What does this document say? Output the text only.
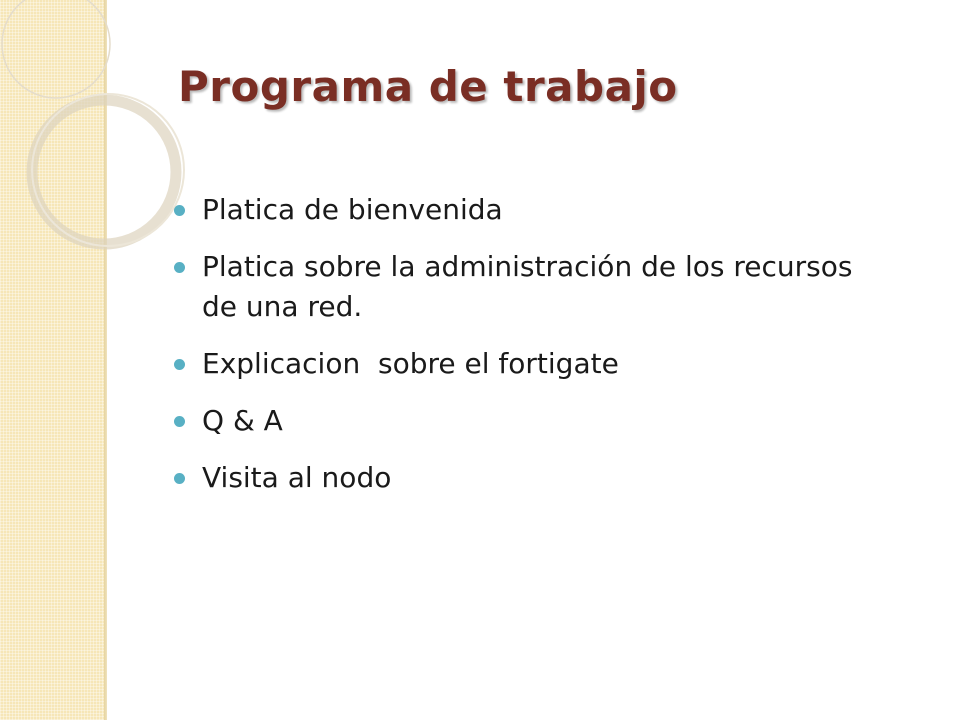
Programa de trabajo
Platica de bienvenida
Platica sobre la administración de los recursos de una red.
Explicacion  sobre el fortigate
Q & A
Visita al nodo
